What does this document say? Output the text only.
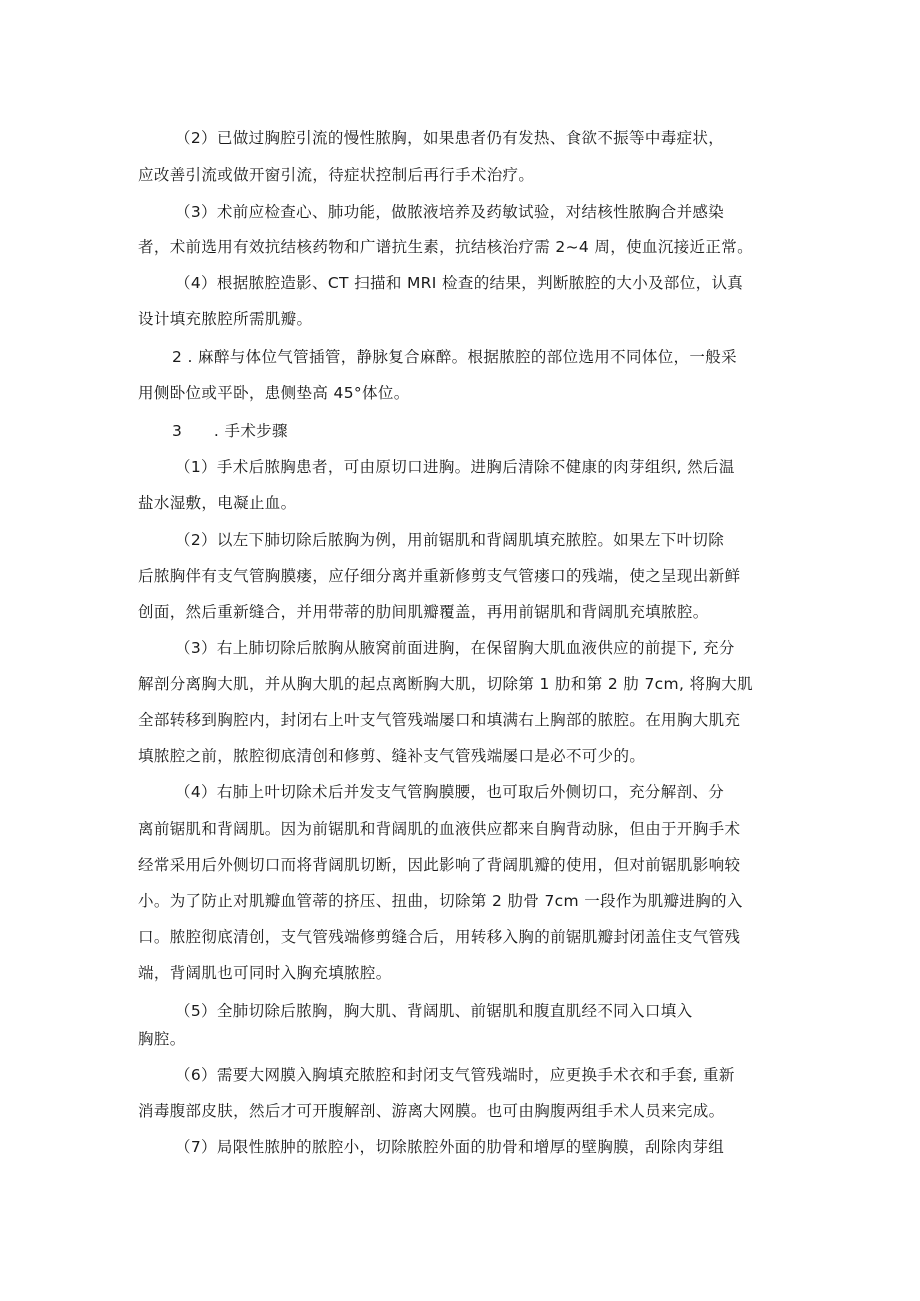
（2）已做过胸腔引流的慢性脓胸，如果患者仍有发热、食欲不振等中毒症状，
应改善引流或做开窗引流，待症状控制后再行手术治疗。
（3）术前应检查心、肺功能，做脓液培养及药敏试验，对结核性脓胸合并感染
者，术前选用有效抗结核药物和广谱抗生素，抗结核治疗需 2~4 周，使血沉接近正常。
（4）根据脓腔造影、CT 扫描和 MRI 检查的结果，判断脓腔的大小及部位，认真
设计填充脓腔所需肌瓣。
2 . 麻醉与体位气管插管，静脉复合麻醉。根据脓腔的部位选用不同体位，一般采
用侧卧位或平卧，患侧垫高 45°体位。
3　　. 手术步骤
（1）手术后脓胸患者，可由原切口进胸。进胸后清除不健康的肉芽组织, 然后温
盐水湿敷，电凝止血。
（2）以左下肺切除后脓胸为例，用前锯肌和背阔肌填充脓腔。如果左下叶切除
后脓胸伴有支气管胸膜瘘，应仔细分离并重新修剪支气管瘘口的残端，使之呈现出新鲜
创面，然后重新缝合，并用带蒂的肋间肌瓣覆盖，再用前锯肌和背阔肌充填脓腔。
（3）右上肺切除后脓胸从腋窝前面进胸，在保留胸大肌血液供应的前提下, 充分
解剖分离胸大肌，并从胸大肌的起点离断胸大肌，切除第 1 肋和第 2 肋 7cm, 将胸大肌
全部转移到胸腔内，封闭右上叶支气管残端屡口和填满右上胸部的脓腔。在用胸大肌充
填脓腔之前，脓腔彻底清创和修剪、缝补支气管残端屡口是必不可少的。
（4）右肺上叶切除术后并发支气管胸膜腰，也可取后外侧切口，充分解剖、分
离前锯肌和背阔肌。因为前锯肌和背阔肌的血液供应都来自胸背动脉，但由于开胸手术
经常采用后外侧切口而将背阔肌切断，因此影响了背阔肌瓣的使用，但对前锯肌影响较
小。为了防止对肌瓣血管蒂的挤压、扭曲，切除第 2 肋骨 7cm 一段作为肌瓣进胸的入
口。脓腔彻底清创，支气管残端修剪缝合后，用转移入胸的前锯肌瓣封闭盖住支气管残
端，背阔肌也可同时入胸充填脓腔。
（5）全肺切除后脓胸，胸大肌、背阔肌、前锯肌和腹直肌经不同入口填入
胸腔。
（6）需要大网膜入胸填充脓腔和封闭支气管残端时，应更换手术衣和手套, 重新
消毒腹部皮肤，然后才可开腹解剖、游离大网膜。也可由胸腹两组手术人员来完成。
（7）局限性脓肿的脓腔小，切除脓腔外面的肋骨和增厚的壁胸膜，刮除肉芽组
